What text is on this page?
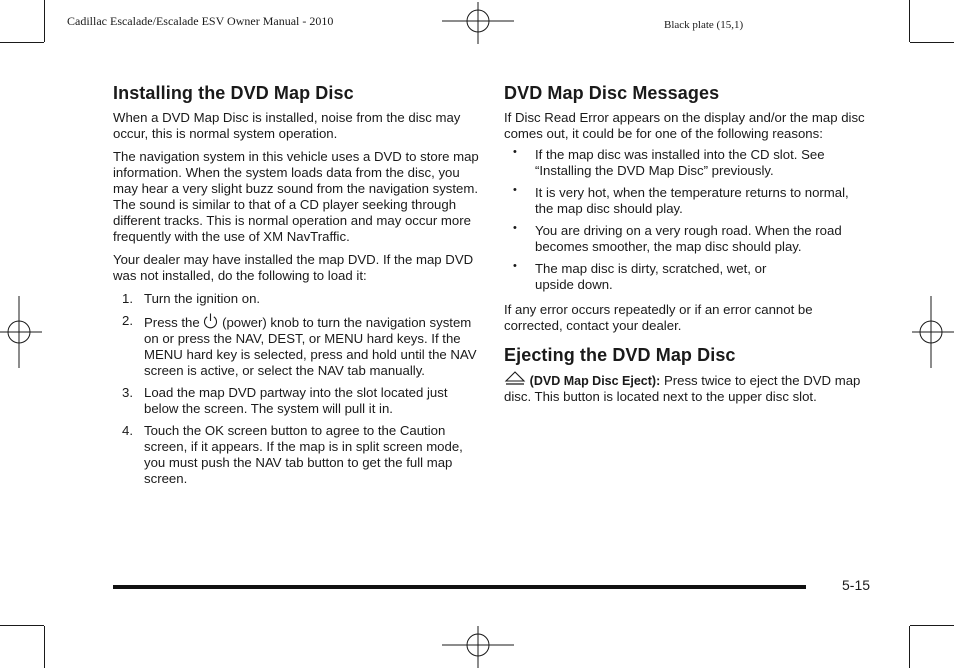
Cadillac Escalade/Escalade ESV Owner Manual - 2010	Black plate (15,1)
Installing the DVD Map Disc

When a DVD Map Disc is installed, noise from the disc may occur, this is normal system operation.

The navigation system in this vehicle uses a DVD to store map information. When the system loads data from the disc, you may hear a very slight buzz sound from the navigation system. The sound is similar to that of a CD player seeking through different tracks. This is normal operation and may occur more frequently with the use of XM NavTraffic.

Your dealer may have installed the map DVD. If the map DVD was not installed, do the following to load it:

1. Turn the ignition on.
2. Press the (power) knob to turn the navigation system on or press the NAV, DEST, or MENU hard keys. If the MENU hard key is selected, press and hold until the NAV screen is active, or select the NAV tab manually.
3. Load the map DVD partway into the slot located just below the screen. The system will pull it in.
4. Touch the OK screen button to agree to the Caution screen, if it appears. If the map is in split screen mode, you must push the NAV tab button to get the full map screen.
DVD Map Disc Messages

If Disc Read Error appears on the display and/or the map disc comes out, it could be for one of the following reasons:

• If the map disc was installed into the CD slot. See “Installing the DVD Map Disc” previously.
• It is very hot, when the temperature returns to normal, the map disc should play.
• You are driving on a very rough road. When the road becomes smoother, the map disc should play.
• The map disc is dirty, scratched, wet, or upside down.

If any error occurs repeatedly or if an error cannot be corrected, contact your dealer.

Ejecting the DVD Map Disc

(DVD Map Disc Eject): Press twice to eject the DVD map disc. This button is located next to the upper disc slot.

5-15
